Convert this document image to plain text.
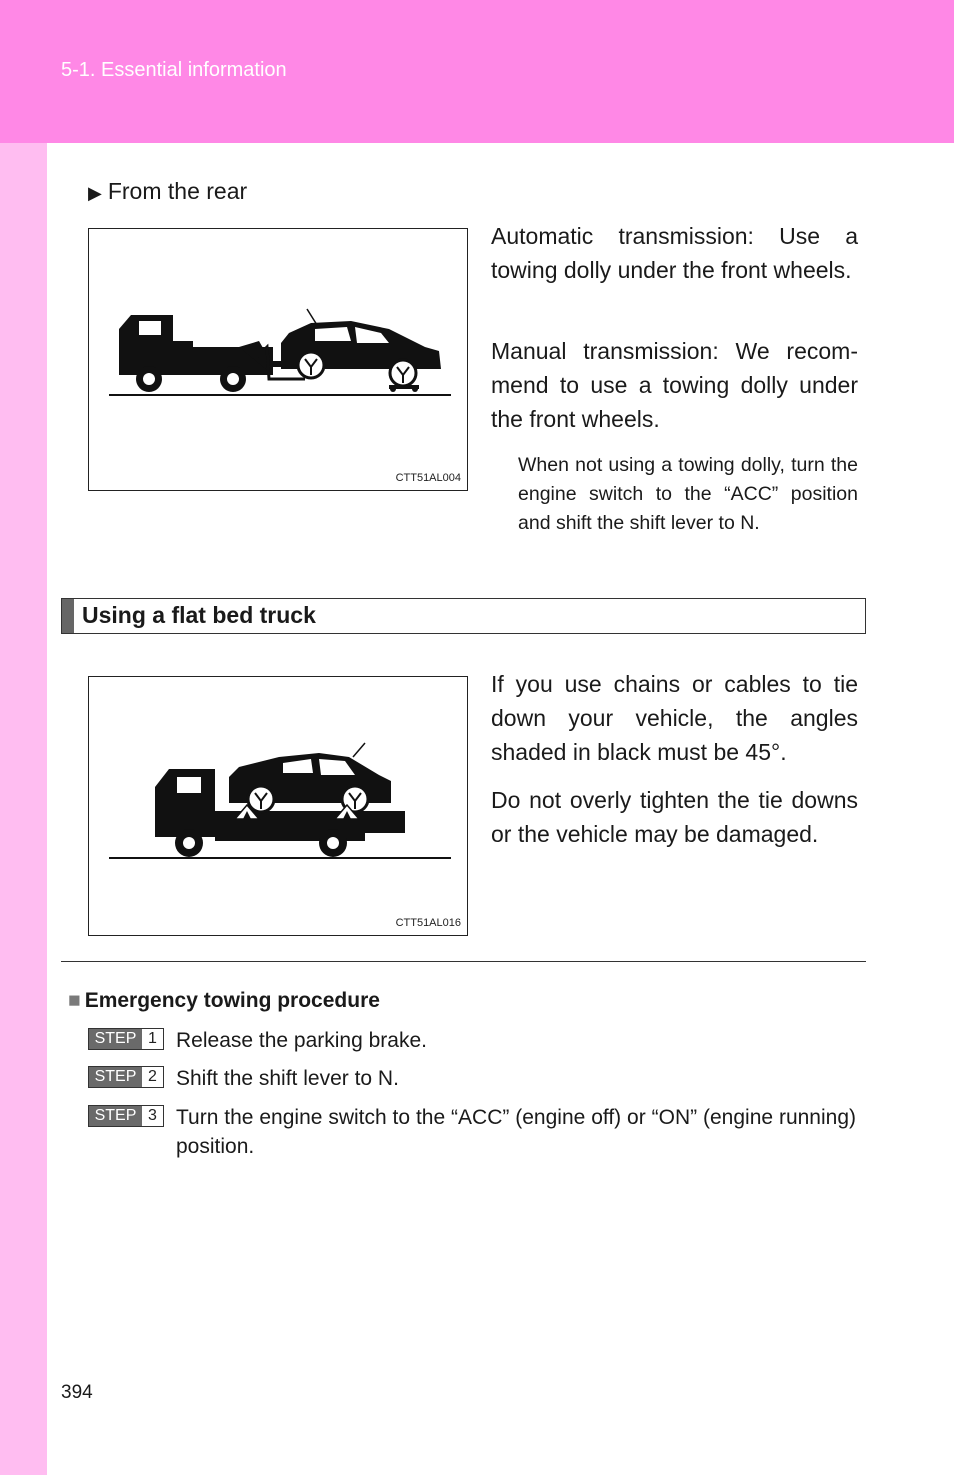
5-1. Essential information
▶ From the rear
CTT51AL004
Automatic transmission: Use a towing dolly under the front wheels.
Manual transmission: We recom-mend to use a towing dolly under the front wheels.
When not using a towing dolly, turn the engine switch to the “ACC” position and shift the shift lever to N.
Using a flat bed truck
CTT51AL016
If you use chains or cables to tie down your vehicle, the angles shaded in black must be 45°.
Do not overly tighten the tie downs or the vehicle may be damaged.
■ Emergency towing procedure
STEP 1 Release the parking brake.
STEP 2 Shift the shift lever to N.
STEP 3 Turn the engine switch to the “ACC” (engine off) or “ON” (engine running) position.
394
